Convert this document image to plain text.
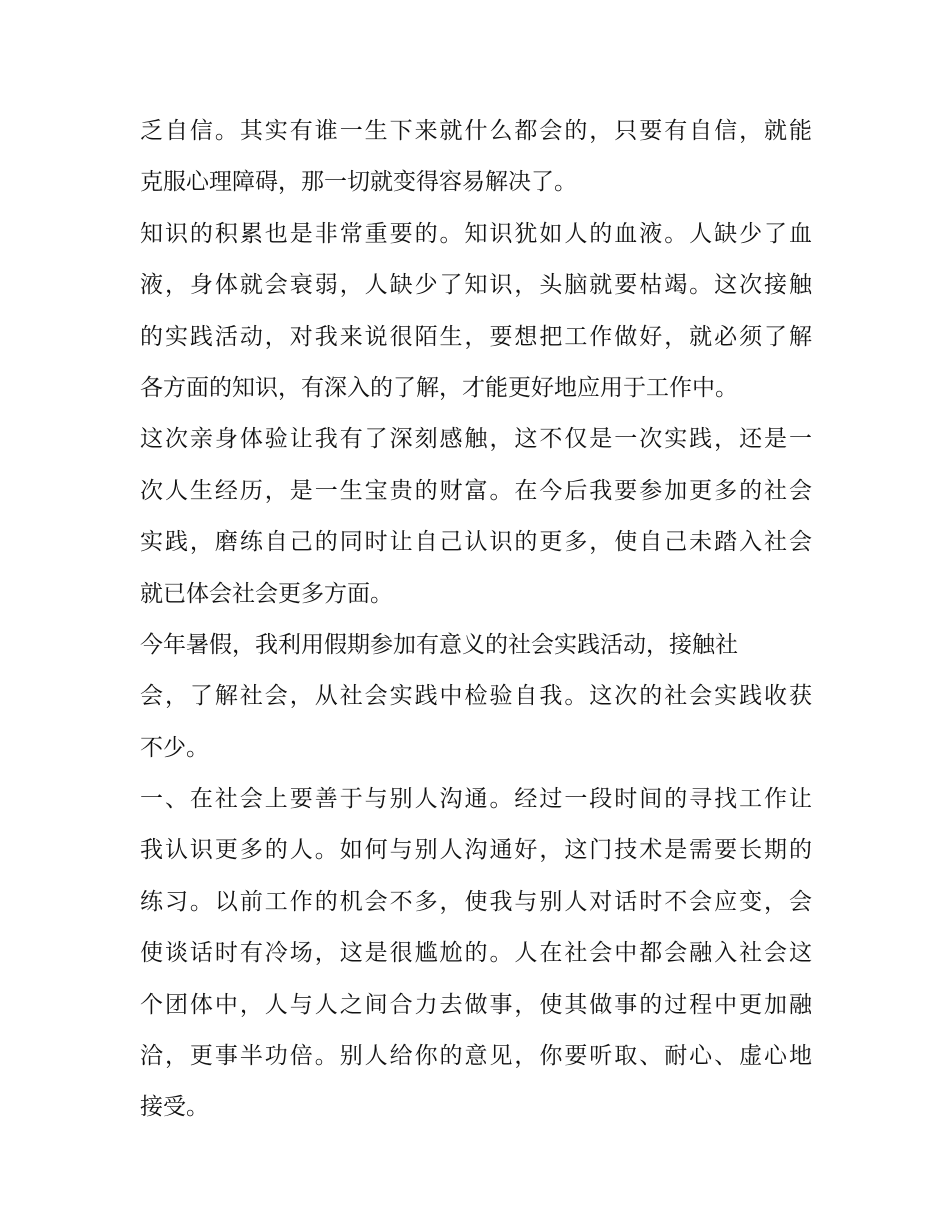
乏自信。其实有谁一生下来就什么都会的，只要有自信，就能
克服心理障碍，那一切就变得容易解决了。
知识的积累也是非常重要的。知识犹如人的血液。人缺少了血
液，身体就会衰弱，人缺少了知识，头脑就要枯竭。这次接触
的实践活动，对我来说很陌生，要想把工作做好，就必须了解
各方面的知识，有深入的了解，才能更好地应用于工作中。
这次亲身体验让我有了深刻感触，这不仅是一次实践，还是一
次人生经历，是一生宝贵的财富。在今后我要参加更多的社会
实践，磨练自己的同时让自己认识的更多，使自己未踏入社会
就已体会社会更多方面。
今年暑假，我利用假期参加有意义的社会实践活动，接触社
会，了解社会，从社会实践中检验自我。这次的社会实践收获
不少。
一、在社会上要善于与别人沟通。经过一段时间的寻找工作让
我认识更多的人。如何与别人沟通好，这门技术是需要长期的
练习。以前工作的机会不多，使我与别人对话时不会应变，会
使谈话时有冷场，这是很尴尬的。人在社会中都会融入社会这
个团体中，人与人之间合力去做事，使其做事的过程中更加融
洽，更事半功倍。别人给你的意见，你要听取、耐心、虚心地
接受。
